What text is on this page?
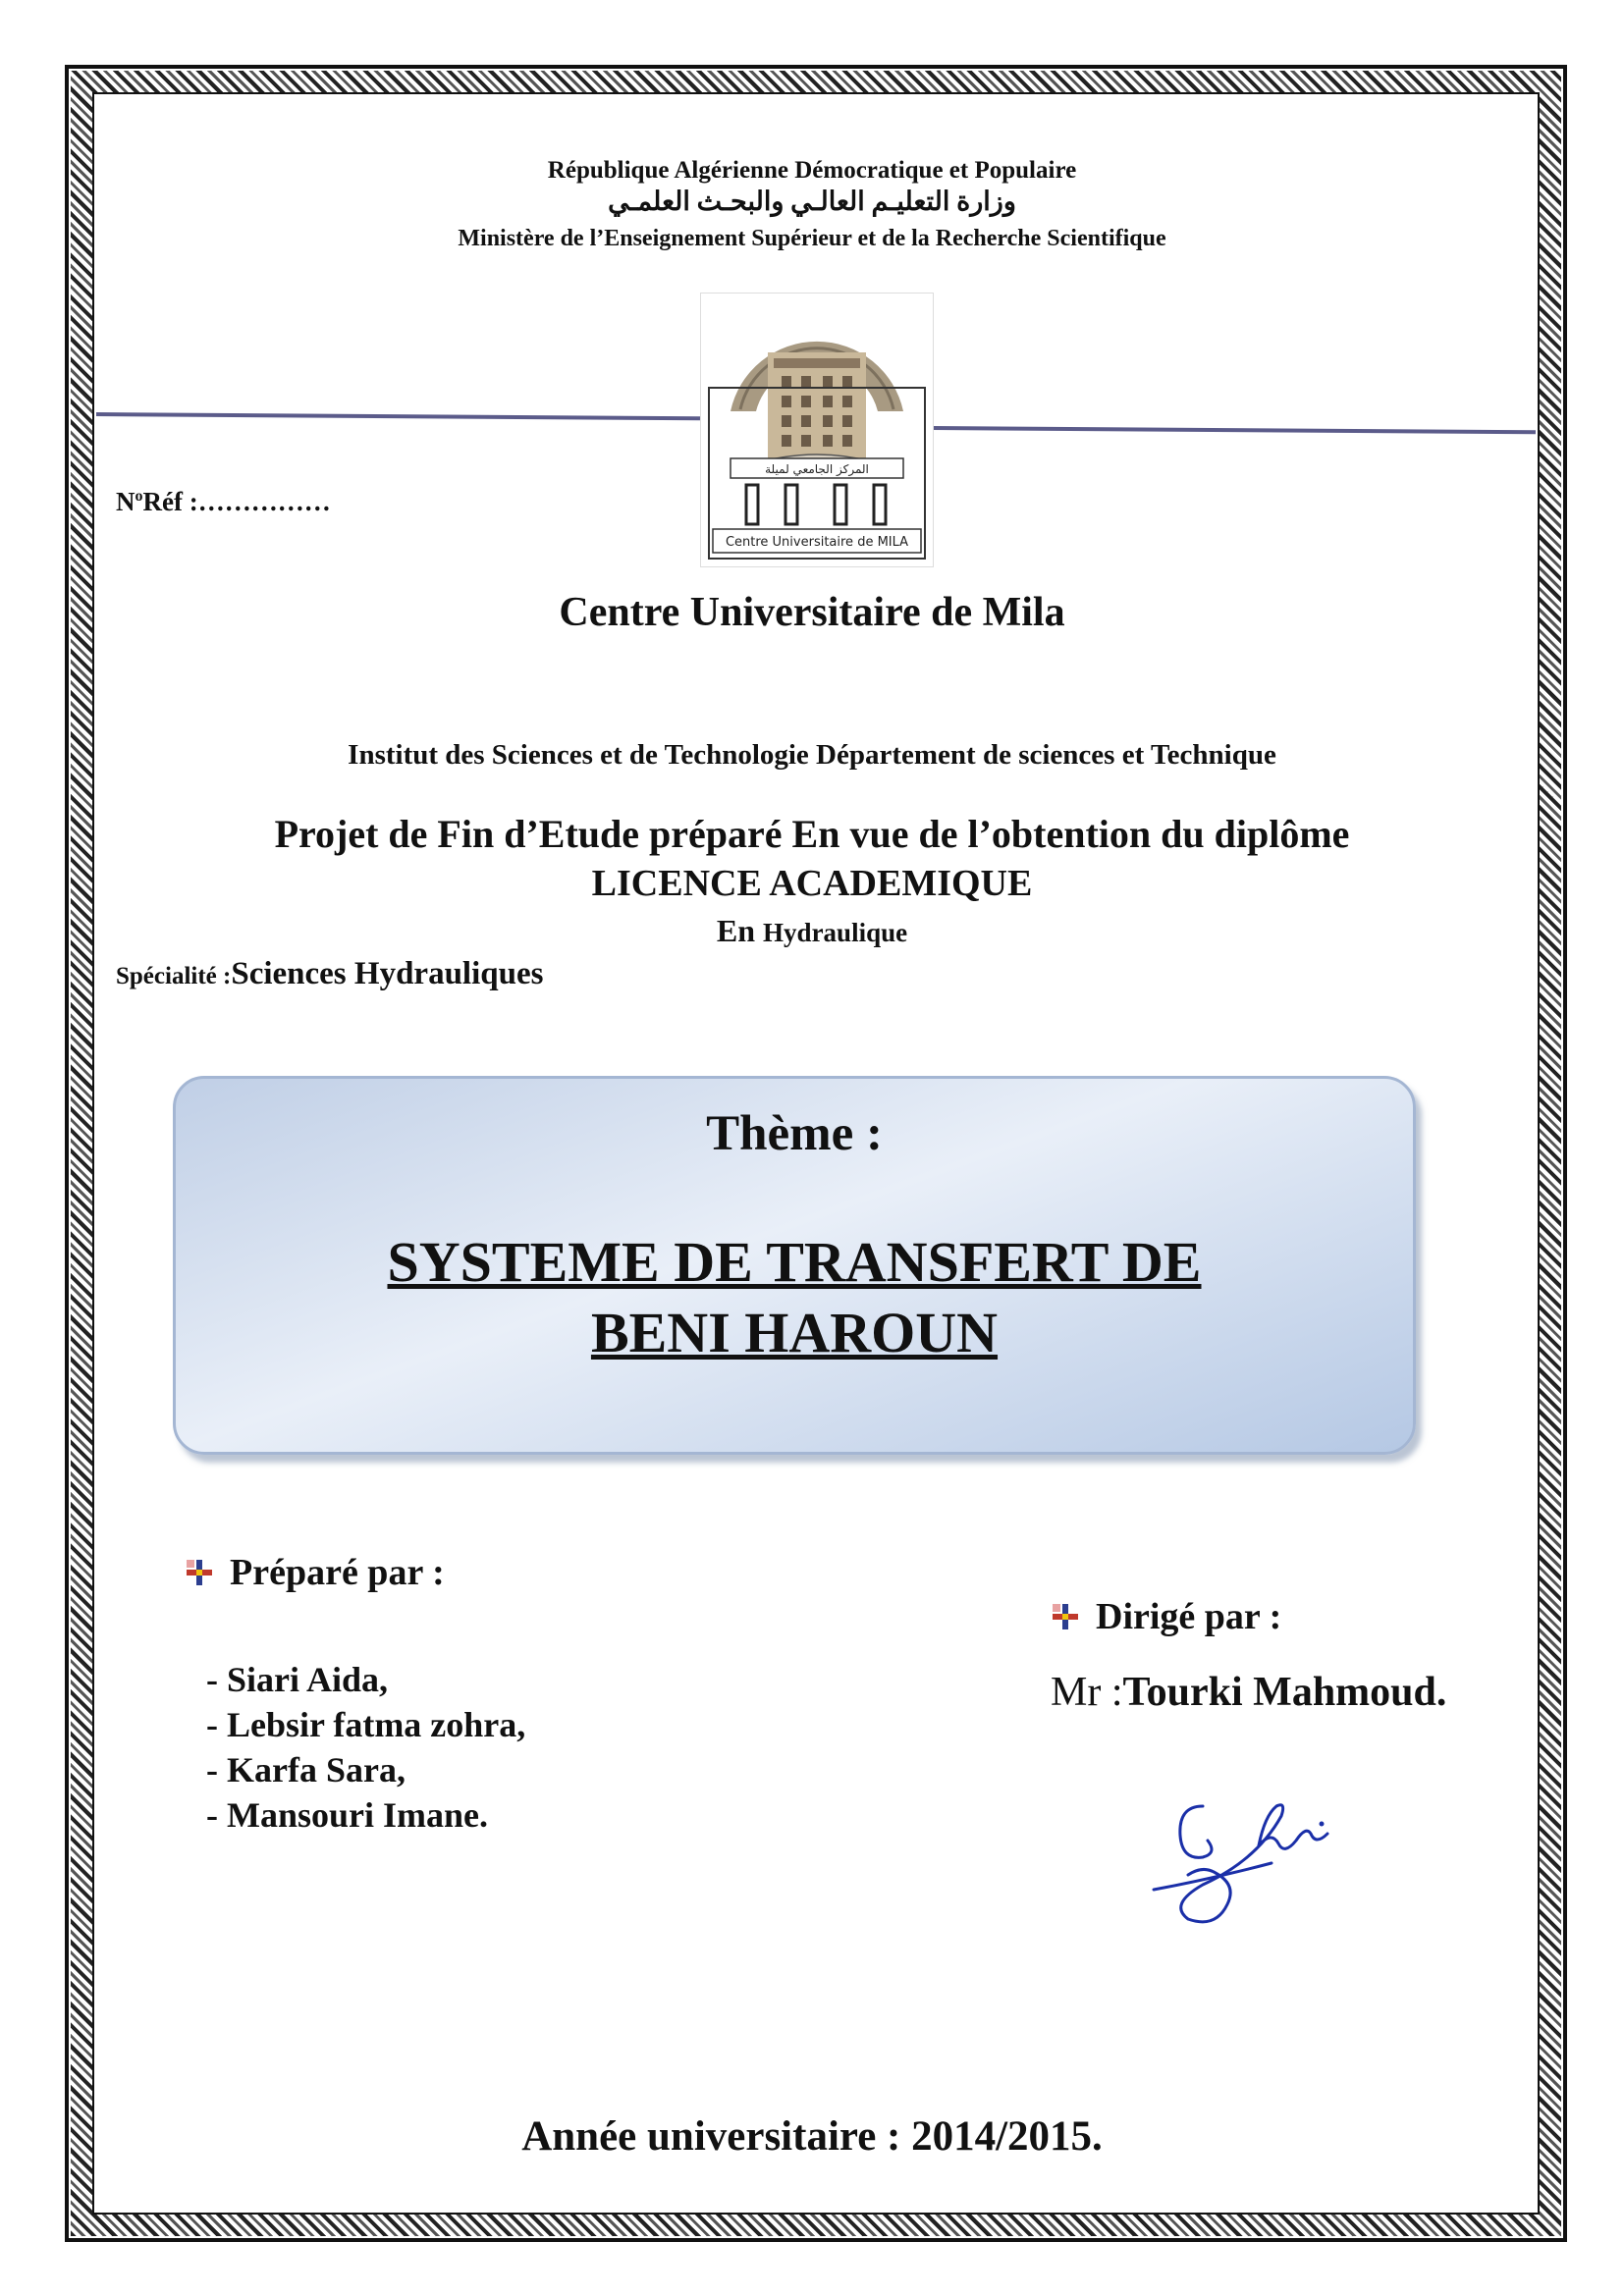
République Algérienne Démocratique et Populaire
وزارة التعليـم العالـي والبحـث العلمـي
Ministère de l’Enseignement Supérieur et de la Recherche Scientifique
المركز الجامعي لميلة
Centre Universitaire de MILA
$N^oRéf$ :……………
Centre Universitaire de Mila
Institut des Sciences et de Technologie Département de sciences et Technique
Projet de Fin d’Etude préparé En vue de l’obtention du diplôme
LICENCE ACADEMIQUE
En Hydraulique
Spécialité :Sciences Hydrauliques
Thème :
SYSTEME DE TRANSFERT DE
BENI HAROUN
Préparé par :
- Siari Aida,
- Lebsir fatma zohra,
- Karfa Sara,
- Mansouri Imane.
Dirigé par :
Mr :Tourki Mahmoud.
Année universitaire : 2014/2015.
